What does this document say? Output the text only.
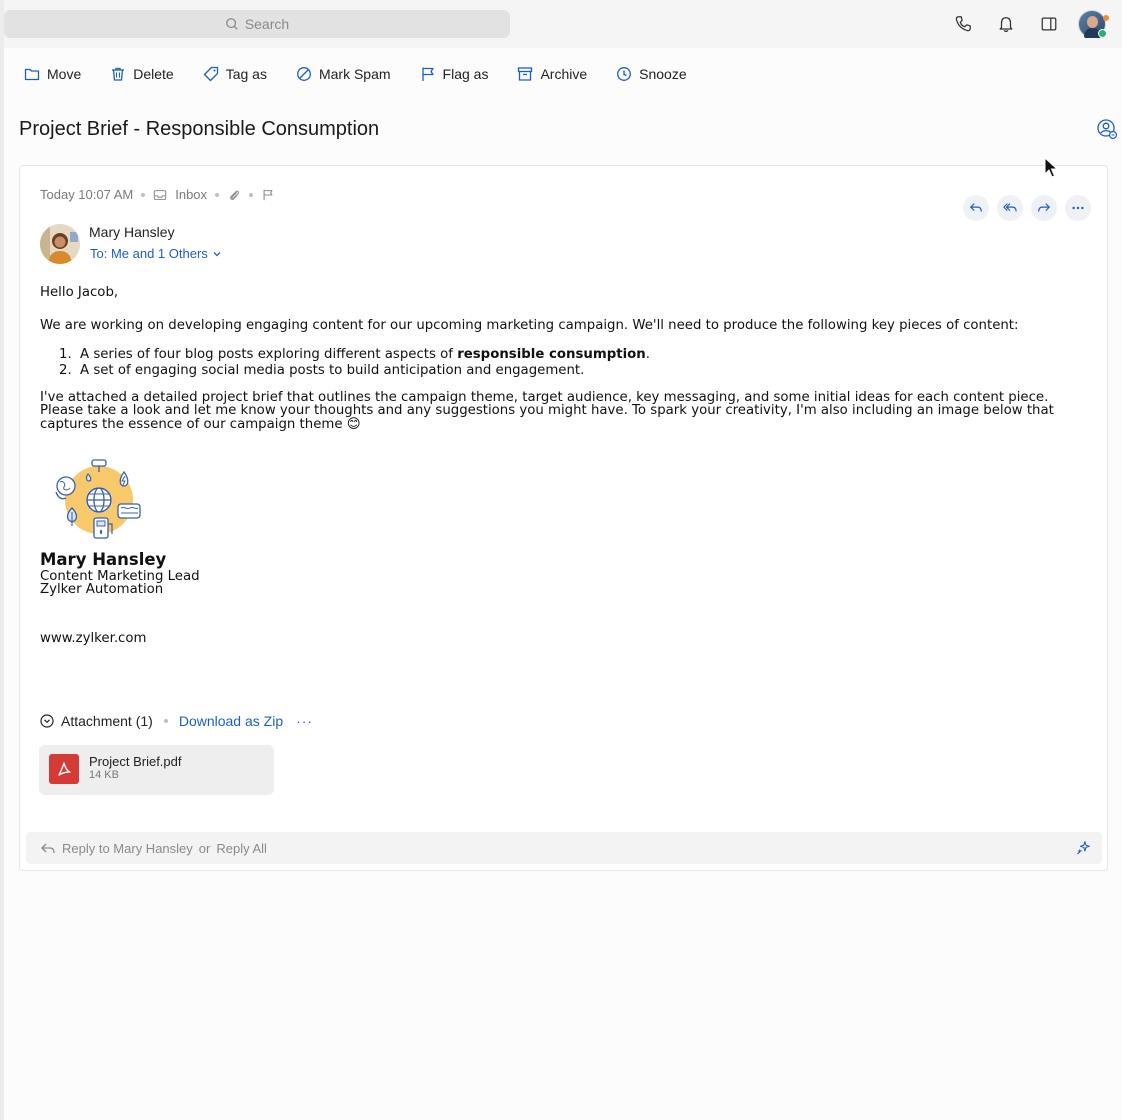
Search
Move	Delete	Tag as	Mark Spam	Flag as	Archive	Snooze
Project Brief - Responsible Consumption
Today 10:07 AM	Inbox
Mary Hansley
To: Me and 1 Others
Hello Jacob,
We are working on developing engaging content for our upcoming marketing campaign. We'll need to produce the following key pieces of content:
1. A series of four blog posts exploring different aspects of responsible consumption .
2. A set of engaging social media posts to build anticipation and engagement.
I've attached a detailed project brief that outlines the campaign theme, target audience, key messaging, and some initial ideas for each content piece. Please take a look and let me know your thoughts and any suggestions you might have. To spark your creativity, I'm also including an image below that captures the essence of our campaign theme 😊
Mary Hansley
Content Marketing Lead
Zylker Automation
www.zylker.com
Attachment (1) Download as Zip ···
Project Brief.pdf
14 KB
Reply to Mary Hansley or Reply All
